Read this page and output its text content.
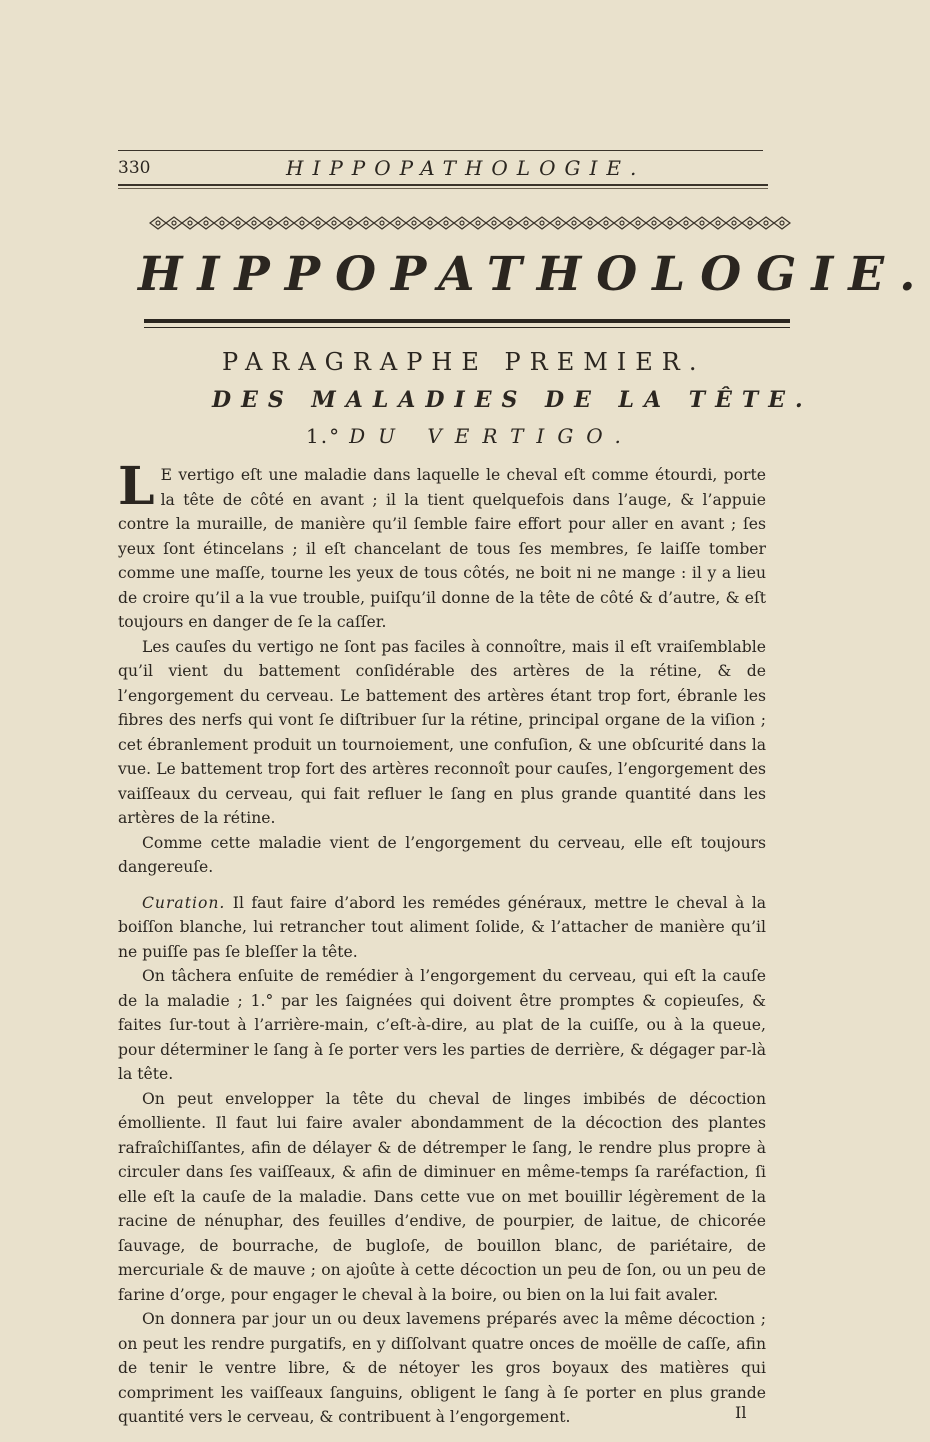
330	HIPPOPATHOLOGIE.
HIPPOPATHOLOGIE.
PARAGRAPHE PREMIER.
DES MALADIES DE LA TÊTE.
1.° DU VERTIGO.

L E vertigo eſt une maladie dans laquelle le cheval eſt comme étourdi, porte la tête de côté en avant ; il la tient quelquefois dans l’auge, & l’appuie contre la muraille, de manière qu’il ſemble faire effort pour aller en avant ; ſes yeux ſont étincelans ; il eſt chancelant de tous ſes membres, ſe laiſſe tomber comme une maſſe, tourne les yeux de tous côtés, ne boit ni ne mange : il y a lieu de croire qu’il a la vue trouble, puiſqu’il donne de la tête de côté & d’autre, & eſt toujours en danger de ſe la caſſer.

Les cauſes du vertigo ne ſont pas faciles à connoître, mais il eſt vraiſemblable qu’il vient du battement conſidérable des artères de la rétine, & de l’engorgement du cerveau. Le battement des artères étant trop fort, ébranle les fibres des nerfs qui vont ſe diſtribuer ſur la rétine, principal organe de la viſion ; cet ébranlement produit un tournoiement, une confuſion, & une obſcurité dans la vue. Le battement trop fort des artères reconnoît pour cauſes, l’engorgement des vaiſſeaux du cerveau, qui fait refluer le ſang en plus grande quantité dans les artères de la rétine.

Comme cette maladie vient de l’engorgement du cerveau, elle eſt toujours dangereuſe.

Curation. Il faut faire d’abord les remédes généraux, mettre le cheval à la boiſſon blanche, lui retrancher tout aliment ſolide, & l’attacher de manière qu’il ne puiſſe pas ſe bleſſer la tête.

On tâchera enſuite de remédier à l’engorgement du cerveau, qui eſt la cauſe de la maladie ; 1.° par les ſaignées qui doivent être promptes & copieuſes, & faites ſur-tout à l’arrière-main, c’eſt-à-dire, au plat de la cuiſſe, ou à la queue, pour déterminer le ſang à ſe porter vers les parties de derrière, & dégager par-là la tête.

On peut envelopper la tête du cheval de linges imbibés de décoction émolliente. Il faut lui faire avaler abondamment de la décoction des plantes rafraîchiſſantes, afin de délayer & de détremper le ſang, le rendre plus propre à circuler dans ſes vaiſſeaux, & afin de diminuer en même-temps ſa raréfaction, ſi elle eſt la cauſe de la maladie. Dans cette vue on met bouillir légèrement de la racine de nénuphar, des feuilles d’endive, de pourpier, de laitue, de chicorée ſauvage, de bourrache, de bugloſe, de bouillon blanc, de pariétaire, de mercuriale & de mauve ; on ajoûte à cette décoction un peu de ſon, ou un peu de farine d’orge, pour engager le cheval à la boire, ou bien on la lui fait avaler.

On donnera par jour un ou deux lavemens préparés avec la même décoction ; on peut les rendre purgatifs, en y diſſolvant quatre onces de moëlle de caſſe, afin de tenir le ventre libre, & de nétoyer les gros boyaux des matières qui compriment les vaiſſeaux ſanguins, obligent le ſang à ſe porter en plus grande quantité vers le cerveau, & contribuent à l’engorgement.	Il
